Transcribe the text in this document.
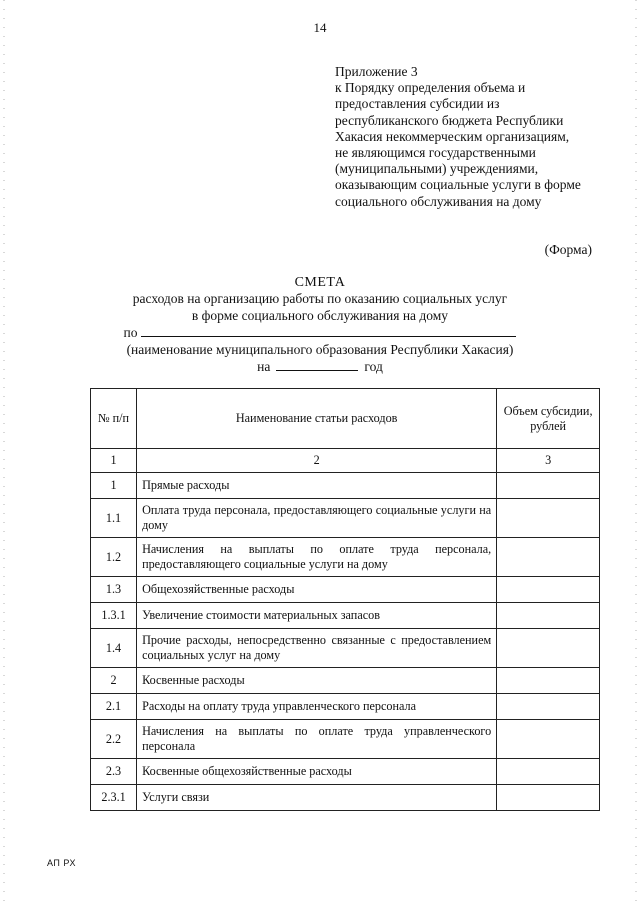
14
Приложение 3
к Порядку определения объема и
предоставления субсидии из
республиканского бюджета Республики
Хакасия некоммерческим организациям,
не являющимся государственными
(муниципальными) учреждениями,
оказывающим социальные услуги в форме
социального обслуживания на дому
(Форма)
СМЕТА
расходов на организацию работы по оказанию социальных услуг
в форме социального обслуживания на дому
по
(наименование муниципального образования Республики Хакасия)
на	год
№ п/п	Наименование статьи расходов	Объем субсидии, рублей
1	2	3
1	Прямые расходы	
1.1	Оплата труда персонала, предоставляющего социальные услуги на дому	
1.2	Начисления на выплаты по оплате труда персонала, предоставляющего социальные услуги на дому	
1.3	Общехозяйственные расходы	
1.3.1	Увеличение стоимости материальных запасов	
1.4	Прочие расходы, непосредственно связанные с предоставлением социальных услуг на дому	
2	Косвенные расходы	
2.1	Расходы на оплату труда управленческого персонала	
2.2	Начисления на выплаты по оплате труда управленческого персонала	
2.3	Косвенные общехозяйственные расходы	
2.3.1	Услуги связи	
АП РХ
